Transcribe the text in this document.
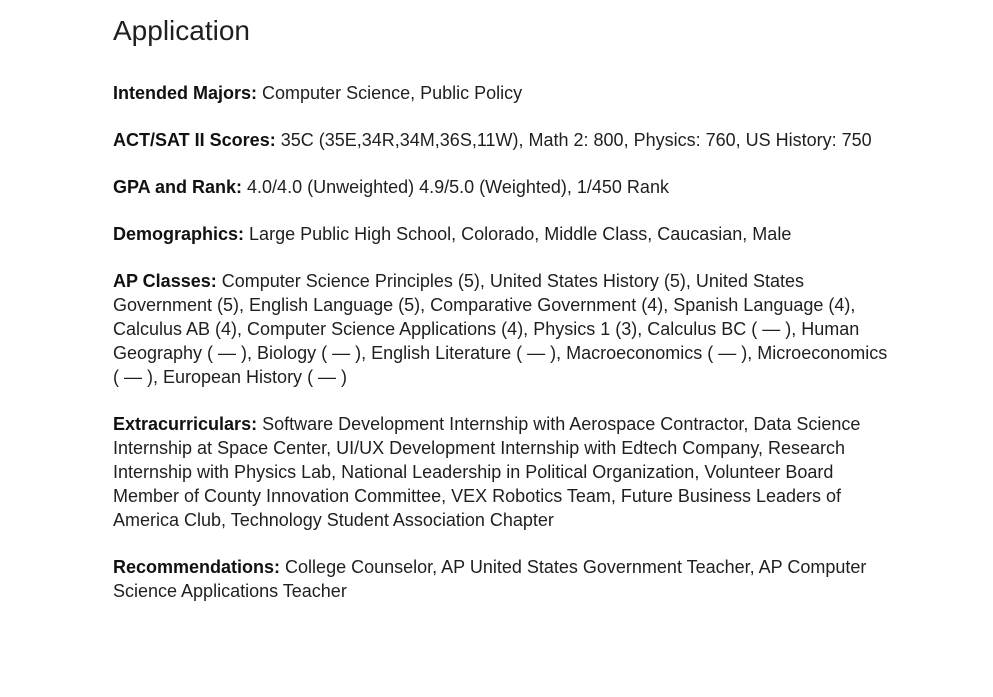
Application

Intended Majors: Computer Science, Public Policy

ACT/SAT II Scores: 35C (35E,34R,34M,36S,11W), Math 2: 800, Physics: 760, US History: 750

GPA and Rank: 4.0/4.0 (Unweighted) 4.9/5.0 (Weighted), 1/450 Rank

Demographics: Large Public High School, Colorado, Middle Class, Caucasian, Male

AP Classes: Computer Science Principles (5), United States History (5), United States Government (5), English Language (5), Comparative Government (4), Spanish Language (4), Calculus AB (4), Computer Science Applications (4), Physics 1 (3), Calculus BC ( — ), Human Geography ( — ), Biology ( — ), English Literature ( — ), Macroeconomics ( — ), Microeconomics ( — ), European History ( — )

Extracurriculars: Software Development Internship with Aerospace Contractor, Data Science Internship at Space Center, UI/UX Development Internship with Edtech Company, Research Internship with Physics Lab, National Leadership in Political Organization, Volunteer Board Member of County Innovation Committee, VEX Robotics Team, Future Business Leaders of America Club, Technology Student Association Chapter

Recommendations: College Counselor, AP United States Government Teacher, AP Computer Science Applications Teacher
